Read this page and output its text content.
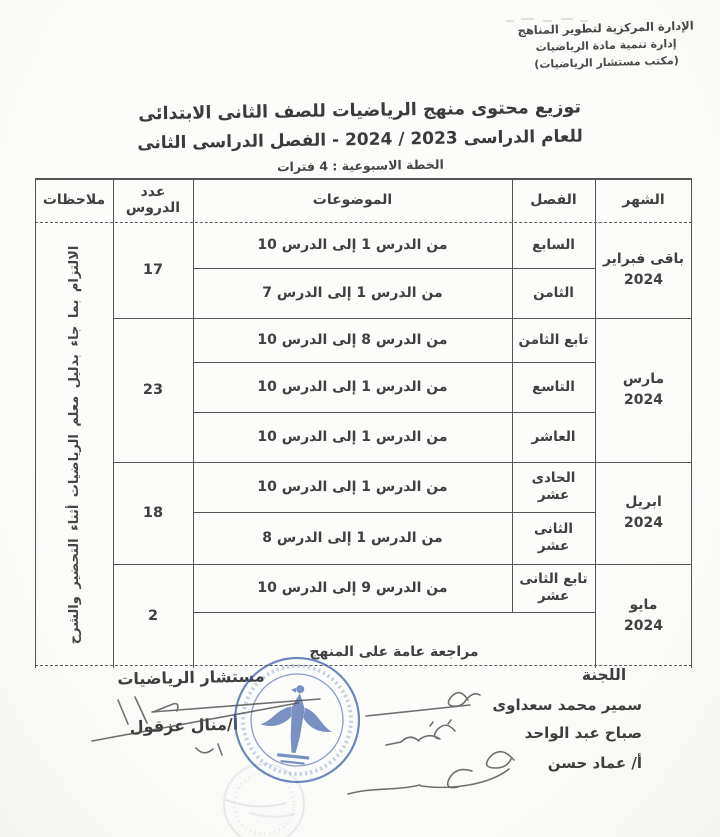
الإدارة المركزية لتطوير المناهج
إدارة تنمية مادة الرياضيات
(مكتب مستشار الرياضيات)
توزيع محتوى منهج الرياضيات للصف الثانى الابتدائى
للعام الدراسى 2023 ‏/‏ 2024 - الفصل الدراسى الثانى
الخطة الاسبوعية : 4 فترات
الشهر
الفصل
الموضوعات
عدد الدروس
ملاحظات
باقى فبراير
2024
مارس
2024
ابريل
2024
مايو
2024
السابع
الثامن
تابع الثامن
التاسع
العاشر
الحادى عشر
الثانى عشر
تابع الثانى عشر
من الدرس 1 إلى الدرس 10
من الدرس 1 إلى الدرس 7
من الدرس 8 إلى الدرس 10
من الدرس 1 إلى الدرس 10
من الدرس 1 إلى الدرس 10
من الدرس 1 إلى الدرس 10
من الدرس 1 إلى الدرس 8
من الدرس 9 إلى الدرس 10
مراجعة عامة على المنهج
17
23
18
2
الالتزام بما جاء بدليل معلم الرياضيات أثناء التحضير والشرح
اللجنة
سمير محمد سعداوى
صباح عبد الواحد
أ/ عماد حسن
مستشار الرياضيات
أ/منال عزقول
